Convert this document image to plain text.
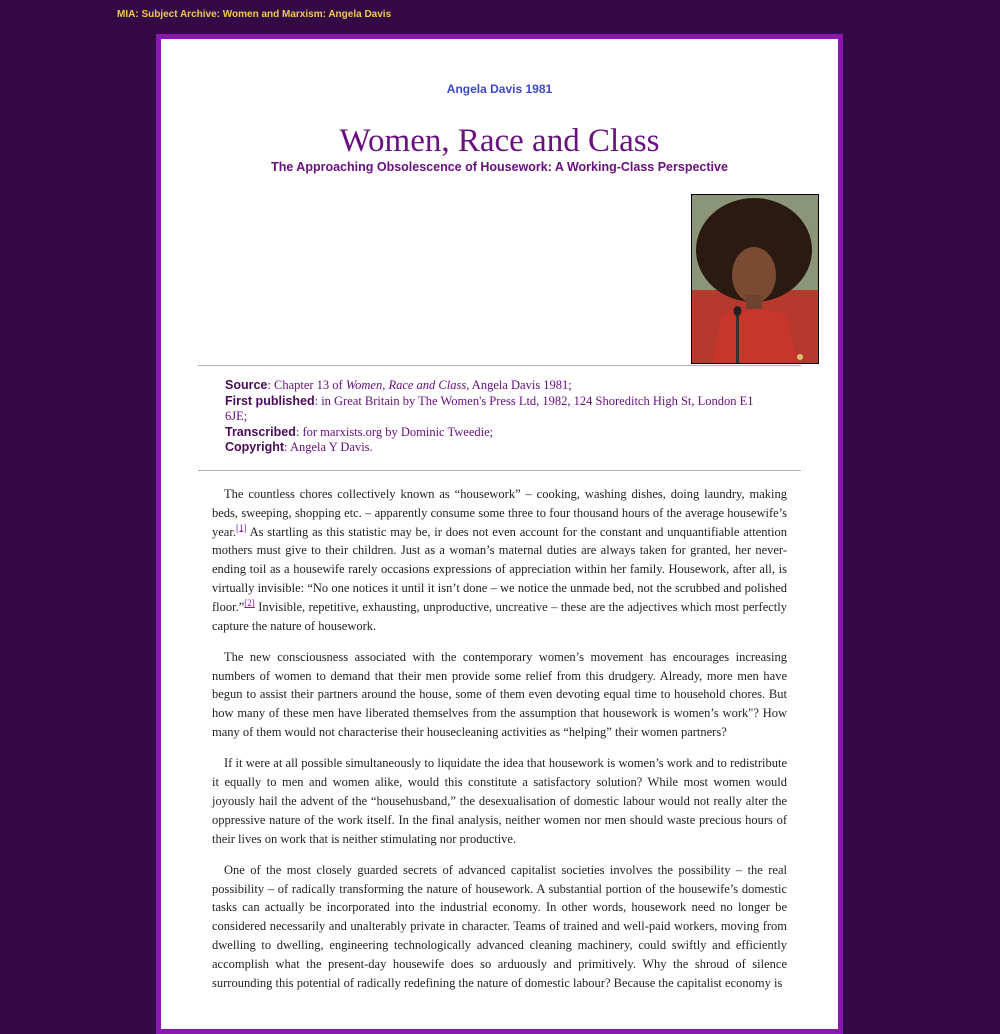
MIA: Subject Archive: Women and Marxism: Angela Davis
Angela Davis 1981
Women, Race and Class
The Approaching Obsolescence of Housework: A Working-Class Perspective
Source: Chapter 13 of Women, Race and Class, Angela Davis 1981;
First published: in Great Britain by The Women's Press Ltd, 1982, 124 Shoreditch High St, London E1 6JE;
Transcribed: for marxists.org by Dominic Tweedie;
Copyright: Angela Y Davis.

The countless chores collectively known as “housework” – cooking, washing dishes, doing laundry, making beds, sweeping, shopping etc. – apparently consume some three to four thousand hours of the average housewife’s year.[1] As startling as this statistic may be, ir does not even account for the constant and unquantifiable attention mothers must give to their children. Just as a woman’s maternal duties are always taken for granted, her never-ending toil as a housewife rarely occasions expressions of appreciation within her family. Housework, after all, is virtually invisible: “No one notices it until it isn’t done – we notice the unmade bed, not the scrubbed and polished floor.”[2] Invisible, repetitive, exhausting, unproductive, uncreative – these are the adjectives which most perfectly capture the nature of housework.

The new consciousness associated with the contemporary women’s movement has encourages increasing numbers of women to demand that their men provide some relief from this drudgery. Already, more men have begun to assist their partners around the house, some of them even devoting equal time to household chores. But how many of these men have liberated themselves from the assumption that housework is women’s work"? How many of them would not characterise their housecleaning activities as “helping” their women partners?

If it were at all possible simultaneously to liquidate the idea that housework is women’s work and to redistribute it equally to men and women alike, would this constitute a satisfactory solution? While most women would joyously hail the advent of the “househusband,” the desexualisation of domestic labour would not really alter the oppressive nature of the work itself. In the final analysis, neither women nor men should waste precious hours of their lives on work that is neither stimulating nor productive.

One of the most closely guarded secrets of advanced capitalist societies involves the possibility – the real possibility – of radically transforming the nature of housework. A substantial portion of the housewife’s domestic tasks can actually be incorporated into the industrial economy. In other words, housework need no longer be considered necessarily and unalterably private in character. Teams of trained and well-paid workers, moving from dwelling to dwelling, engineering technologically advanced cleaning machinery, could swiftly and efficiently accomplish what the present-day housewife does so arduously and primitively. Why the shroud of silence surrounding this potential of radically redefining the nature of domestic labour? Because the capitalist economy is
